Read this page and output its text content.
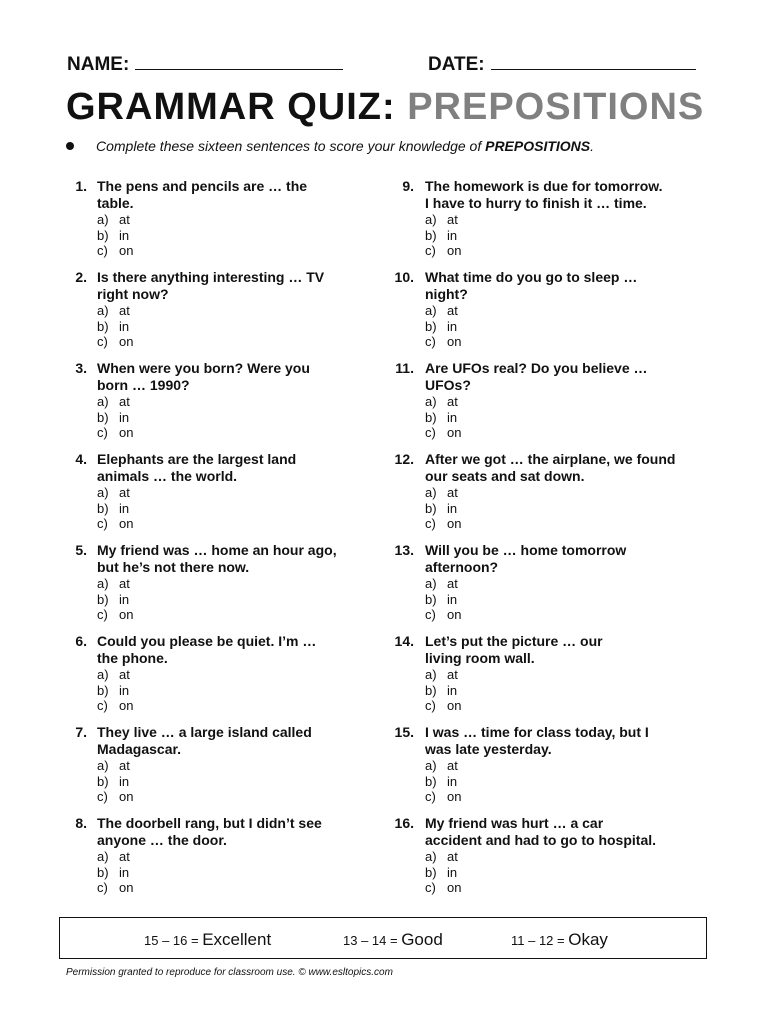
NAME:	DATE:
GRAMMAR QUIZ: PREPOSITIONS
Complete these sixteen sentences to score your knowledge of PREPOSITIONS.
1. The pens and pencils are … the
table.
a) at
b) in
c) on
2. Is there anything interesting … TV
right now?
a) at
b) in
c) on
3. When were you born? Were you
born … 1990?
a) at
b) in
c) on
4. Elephants are the largest land
animals … the world.
a) at
b) in
c) on
5. My friend was … home an hour ago,
but he’s not there now.
a) at
b) in
c) on
6. Could you please be quiet. I’m …
the phone.
a) at
b) in
c) on
7. They live … a large island called
Madagascar.
a) at
b) in
c) on
8. The doorbell rang, but I didn’t see
anyone … the door.
a) at
b) in
c) on
9. The homework is due for tomorrow.
I have to hurry to finish it … time.
a) at
b) in
c) on
10. What time do you go to sleep …
night?
a) at
b) in
c) on
11. Are UFOs real? Do you believe …
UFOs?
a) at
b) in
c) on
12. After we got … the airplane, we found
our seats and sat down.
a) at
b) in
c) on
13. Will you be … home tomorrow
afternoon?
a) at
b) in
c) on
14. Let’s put the picture … our
living room wall.
a) at
b) in
c) on
15. I was … time for class today, but I
was late yesterday.
a) at
b) in
c) on
16. My friend was hurt … a car
accident and had to go to hospital.
a) at
b) in
c) on
15 – 16 = Excellent	13 – 14 = Good	11 – 12 = Okay
Permission granted to reproduce for classroom use. © www.esltopics.com
